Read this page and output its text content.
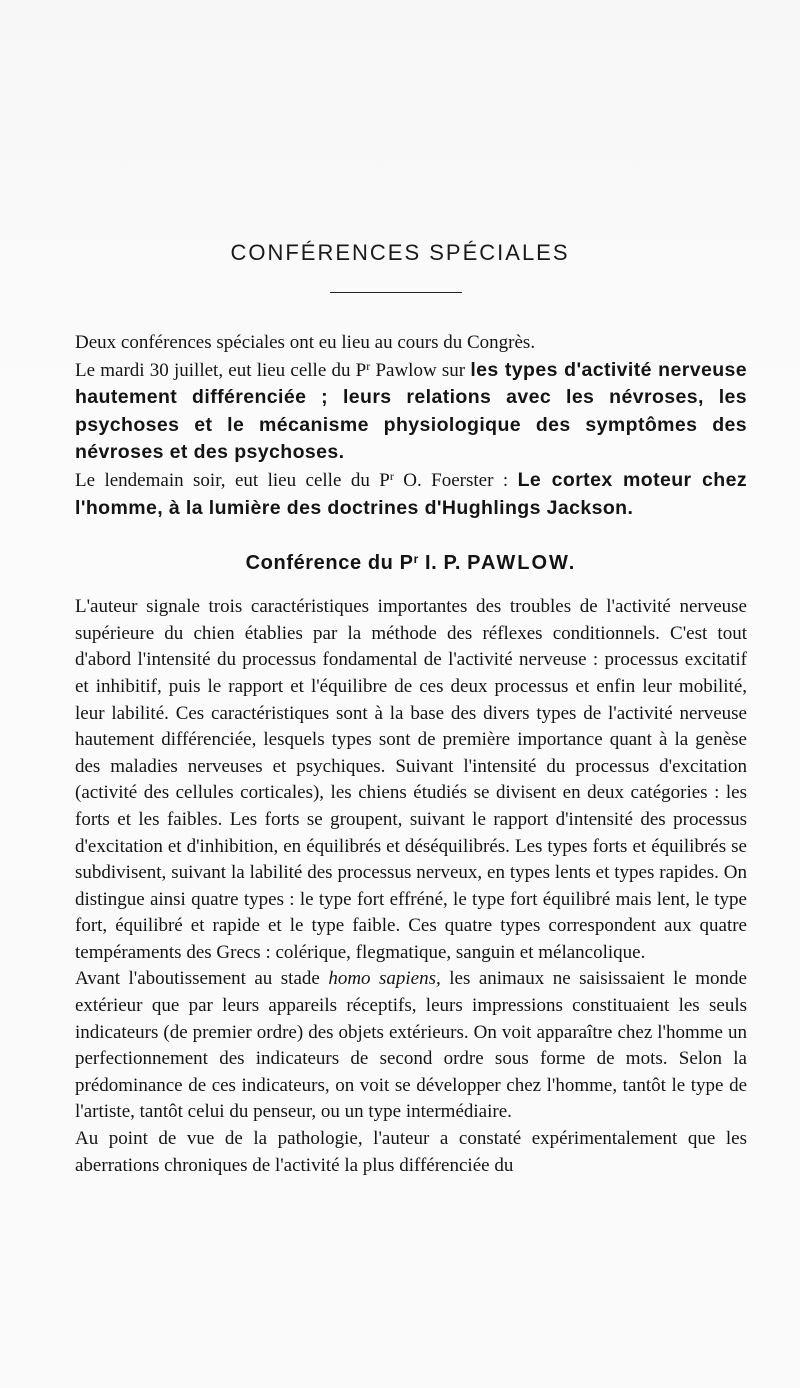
CONFÉRENCES SPÉCIALES

Deux conférences spéciales ont eu lieu au cours du Congrès.

Le mardi 30 juillet, eut lieu celle du $P^r$ Pawlow sur les types d'activité nerveuse hautement différenciée ; leurs relations avec les névroses, les psychoses et le mécanisme physiologique des symptômes des névroses et des psychoses.

Le lendemain soir, eut lieu celle du $P^r$ O. Foerster : Le cortex moteur chez l'homme, à la lumière des doctrines d'Hughlings Jackson.

Conférence du $P^r$ I. P. PAWLOW.

L'auteur signale trois caractéristiques importantes des troubles de l'activité nerveuse supérieure du chien établies par la méthode des réflexes conditionnels. C'est tout d'abord l'intensité du processus fondamental de l'activité nerveuse : processus excitatif et inhibitif, puis le rapport et l'équilibre de ces deux processus et enfin leur mobilité, leur labilité. Ces caractéristiques sont à la base des divers types de l'activité nerveuse hautement différenciée, lesquels types sont de première importance quant à la genèse des maladies nerveuses et psychiques. Suivant l'intensité du processus d'excitation (activité des cellules corticales), les chiens étudiés se divisent en deux catégories : les forts et les faibles. Les forts se groupent, suivant le rapport d'intensité des processus d'excitation et d'inhibition, en équilibrés et déséquilibrés. Les types forts et équilibrés se subdivisent, suivant la labilité des processus nerveux, en types lents et types rapides. On distingue ainsi quatre types : le type fort effréné, le type fort équilibré mais lent, le type fort, équilibré et rapide et le type faible. Ces quatre types correspondent aux quatre tempéraments des Grecs : colérique, flegmatique, sanguin et mélancolique.

Avant l'aboutissement au stade homo sapiens, les animaux ne saisissaient le monde extérieur que par leurs appareils réceptifs, leurs impressions constituaient les seuls indicateurs (de premier ordre) des objets extérieurs. On voit apparaître chez l'homme un perfectionnement des indicateurs de second ordre sous forme de mots. Selon la prédominance de ces indicateurs, on voit se développer chez l'homme, tantôt le type de l'artiste, tantôt celui du penseur, ou un type intermédiaire.

Au point de vue de la pathologie, l'auteur a constaté expérimentalement que les aberrations chroniques de l'activité la plus différenciée du
